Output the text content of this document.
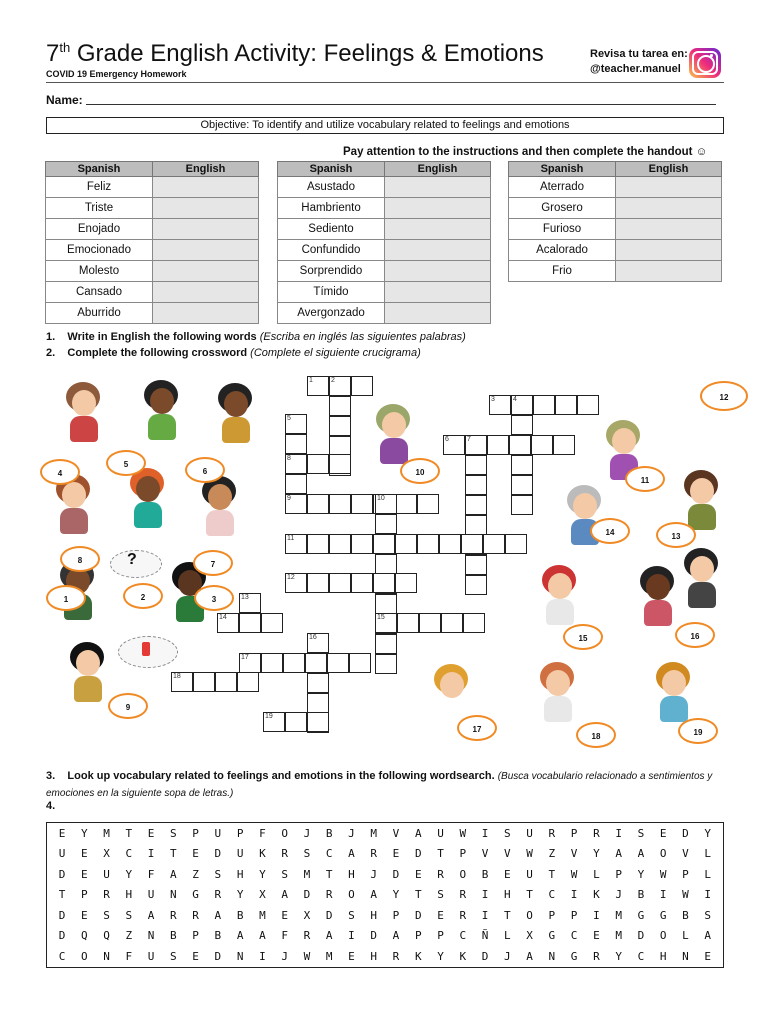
7th Grade English Activity: Feelings & Emotions
COVID 19 Emergency Homework
Revisa tu tarea en:
@teacher.manuel
Name:
Objective: To identify and utilize vocabulary related to feelings and emotions
Pay attention to the instructions and then complete the handout ☺
Spanish	English
Feliz	
Triste	
Enojado	
Emocionado	
Molesto	
Cansado	
Aburrido	
Spanish	English
Asustado	
Hambriento	
Sediento	
Confundido	
Sorprendido	
Tímido	
Avergonzado	
Spanish	English
Aterrado	
Grosero	
Furioso	
Acalorado	
Frio	
1. Write in English the following words (Escriba en inglés las siguientes palabras)
2. Complete the following crossword (Complete el siguiente crucigrama)
1	2
3	4
5
6	7
8
9	10
11
12
13
14	15
16
17
18
19
?
12
4
5
6	10
11
14	13
8	7
1	2	3
15	16
9
17
18	19
3. Look up vocabulary related to feelings and emotions in the following wordsearch. (Busca vocabulario relacionado a sentimientos y emociones en la siguiente sopa de letras.)
4.
E	Y	M	T	E	S	P	U	P	F	O	J	B	J	M	V	A	U	W	I	S	U	R	P	R	I	S	E	D	Y
U	E	X	C	I	T	E	D	U	K	R	S	C	A	R	E	D	T	P	V	V	W	Z	V	Y	A	A	O	V	L
D	E	U	Y	F	A	Z	S	H	Y	S	M	T	H	J	D	E	R	O	B	E	U	T	W	L	P	Y	W	P	L
T	P	R	H	U	N	G	R	Y	X	A	D	R	O	A	Y	T	S	R	I	H	T	C	I	K	J	B	I	W	I
D	E	S	S	A	R	R	A	B	M	E	X	D	S	H	P	D	E	R	I	T	O	P	P	I	M	G	G	B	S
D	Q	Q	Z	N	B	P	B	A	A	F	R	A	I	D	A	P	P	C	Ñ	L	X	G	C	E	M	D	O	L	A
C	O	N	F	U	S	E	D	N	I	J	W	M	E	H	R	K	Y	K	D	J	A	N	G	R	Y	C	H	N	E
